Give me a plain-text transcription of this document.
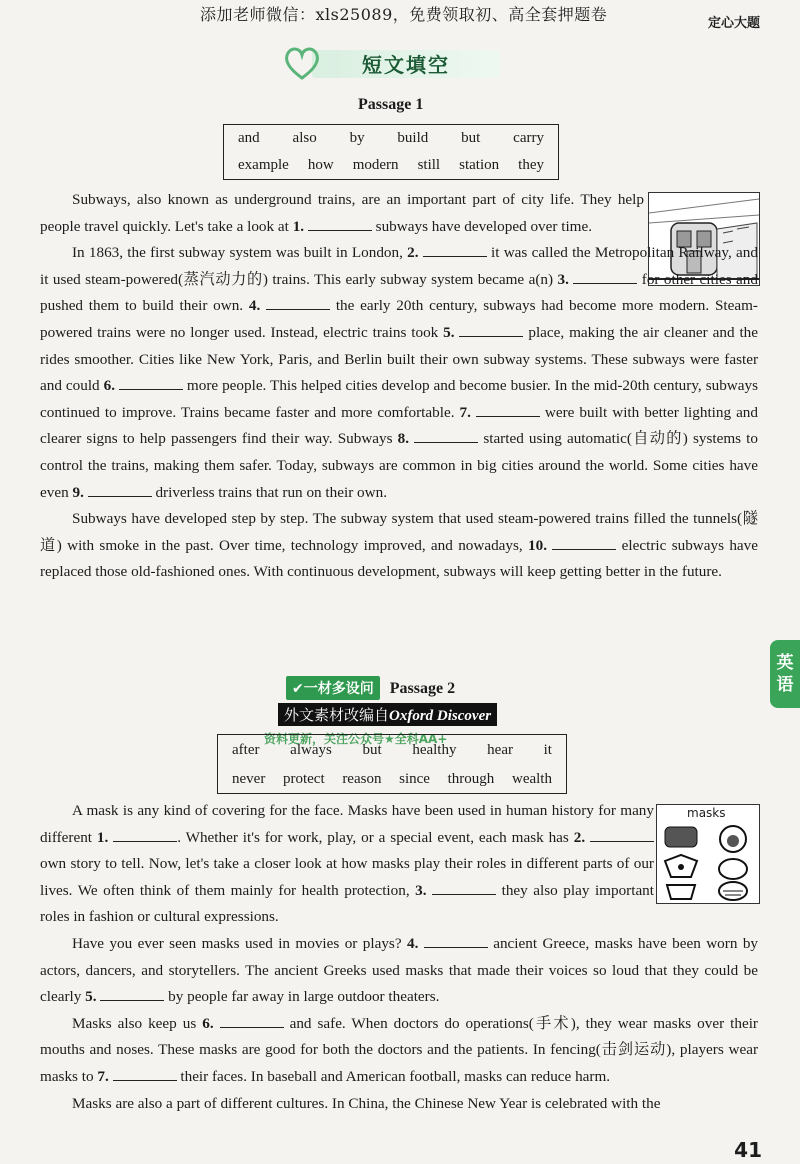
添加老师微信：xls25089，免费领取初、高全套押题卷	定心大题
短文填空
Passage 1
and also by build but carry
example how modern still station they

Subways, also known as underground trains, are an important part of city life. They help people travel quickly. Let's take a look at 1.	subways have developed over time.

In 1863, the first subway system was built in London, 2.	it was called the Metropolitan Railway, and it used steam-powered(蒸汽动力的) trains. This early subway system became a(n) 3.	for other cities and pushed them to build their own. 4.	the early 20th century, subways had become more modern. Steam-powered trains were no longer used. Instead, electric trains took 5.	place, making the air cleaner and the rides smoother. Cities like New York, Paris, and Berlin built their own subway systems. These subways were faster and could 6.	more people. This helped cities develop and become busier. In the mid-20th century, subways continued to improve. Trains became faster and more comfortable. 7.	were built with better lighting and clearer signs to help passengers find their way. Subways 8.	started using automatic(自动的) systems to control the trains, making them safer. Today, subways are common in big cities around the world. Some cities have even 9.	driverless trains that run on their own.

Subways have developed step by step. The subway system that used steam-powered trains filled the tunnels(隧道) with smoke in the past. Over time, technology improved, and nowadays, 10.	electric subways have replaced those old-fashioned ones. With continuous development, subways will keep getting better in the future.

英
语
✔一材多设问 Passage 2
外文素材改编自Oxford Discover
资料更新，关注公众号★全科AA+
after always but healthy hear it
never protect reason since through wealth
masks

A mask is any kind of covering for the face. Masks have been used in human history for many different 1.	. Whether it's for work, play, or a special event, each mask has 2.  own story to tell. Now, let's take a closer look at how masks play their roles in different parts of our lives. We often think of them mainly for health protection, 3.	they also play important roles in fashion or cultural expressions.

Have you ever seen masks used in movies or plays? 4.	ancient Greece, masks have been worn by actors, dancers, and storytellers. The ancient Greeks used masks that made their voices so loud that they could be clearly 5.	by people far away in large outdoor theaters.

Masks also keep us 6.	and safe. When doctors do operations(手术), they wear masks over their mouths and noses. These masks are good for both the doctors and the patients. In fencing(击剑运动), players wear masks to 7.	their faces. In baseball and American football, masks can reduce harm.

Masks are also a part of different cultures. In China, the Chinese New Year is celebrated with the

41
